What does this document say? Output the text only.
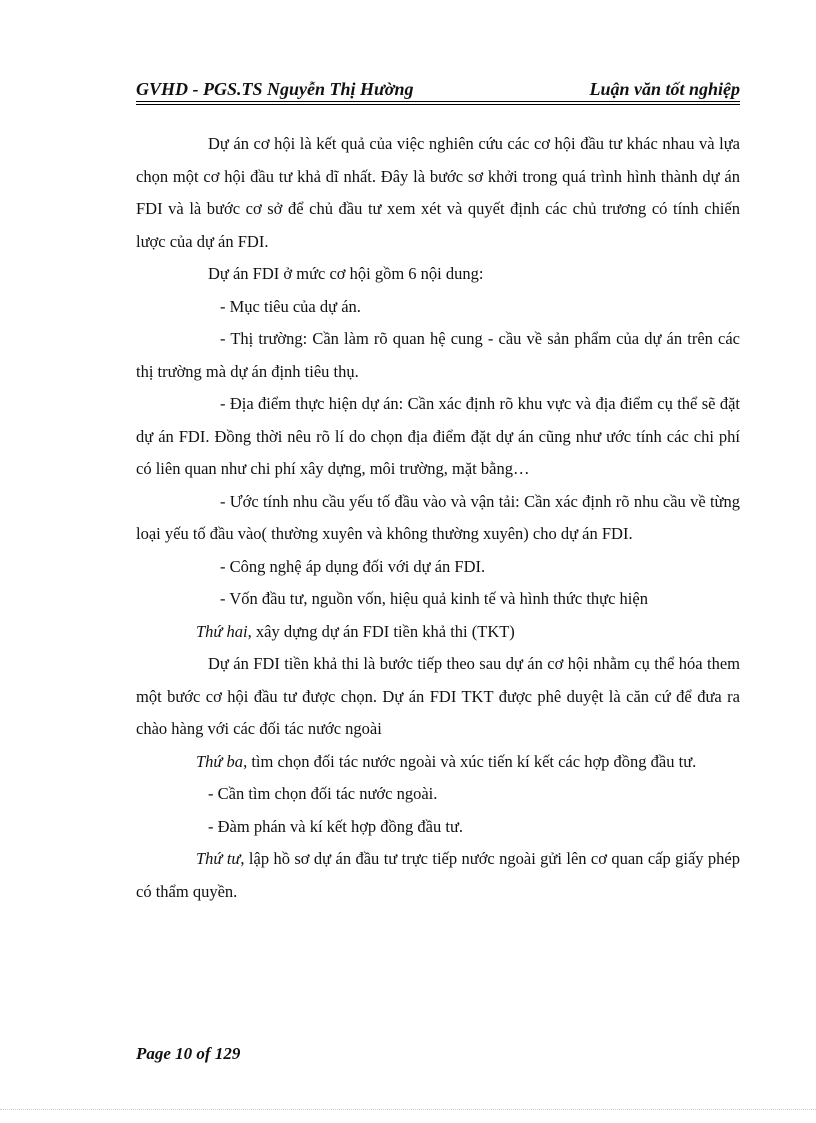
GVHD - PGS.TS Nguyễn Thị Hường	Luận văn tốt nghiệp

Dự án cơ hội là kết quả của việc nghiên cứu các cơ hội đầu tư khác nhau và lựa chọn một cơ hội đầu tư khả dĩ nhất. Đây là bước sơ khởi trong quá trình hình thành dự án FDI và là bước cơ sở để chủ đầu tư xem xét và quyết định các chủ trương có tính chiến lược của dự án FDI.

Dự án FDI ở mức cơ hội gồm 6 nội dung:

- Mục tiêu của dự án.

- Thị trường: Cần làm rõ quan hệ cung - cầu về sản phẩm của dự án trên các thị trường mà dự án định tiêu thụ.

- Địa điểm thực hiện dự án: Cần xác định rõ khu vực và địa điểm cụ thể sẽ đặt dự án FDI. Đồng thời nêu rõ lí do chọn địa điểm đặt dự án cũng như ước tính các chi phí có liên quan như chi phí xây dựng, môi trường, mặt bằng…

- Ước tính nhu cầu yếu tố đầu vào và vận tải: Cần xác định rõ nhu cầu về từng loại yếu tố đầu vào( thường xuyên và không thường xuyên) cho dự án FDI.

- Công nghệ áp dụng đối với dự án FDI.

- Vốn đầu tư, nguồn vốn, hiệu quả kinh tế và hình thức thực hiện

Thứ hai, xây dựng dự án FDI tiền khả thi (TKT)

Dự án FDI tiền khả thi là bước tiếp theo sau dự án cơ hội nhằm cụ thể hóa them một bước cơ hội đầu tư được chọn. Dự án FDI TKT được phê duyệt là căn cứ để đưa ra chào hàng với các đối tác nước ngoài

Thứ ba, tìm chọn đối tác nước ngoài và xúc tiến kí kết các hợp đồng đầu tư.

- Cần tìm chọn đối tác nước ngoài.

- Đàm phán và kí kết hợp đồng đầu tư.

Thứ tư, lập hồ sơ dự án đầu tư trực tiếp nước ngoài gửi lên cơ quan cấp giấy phép có thẩm quyền.

Page 10 of 129
